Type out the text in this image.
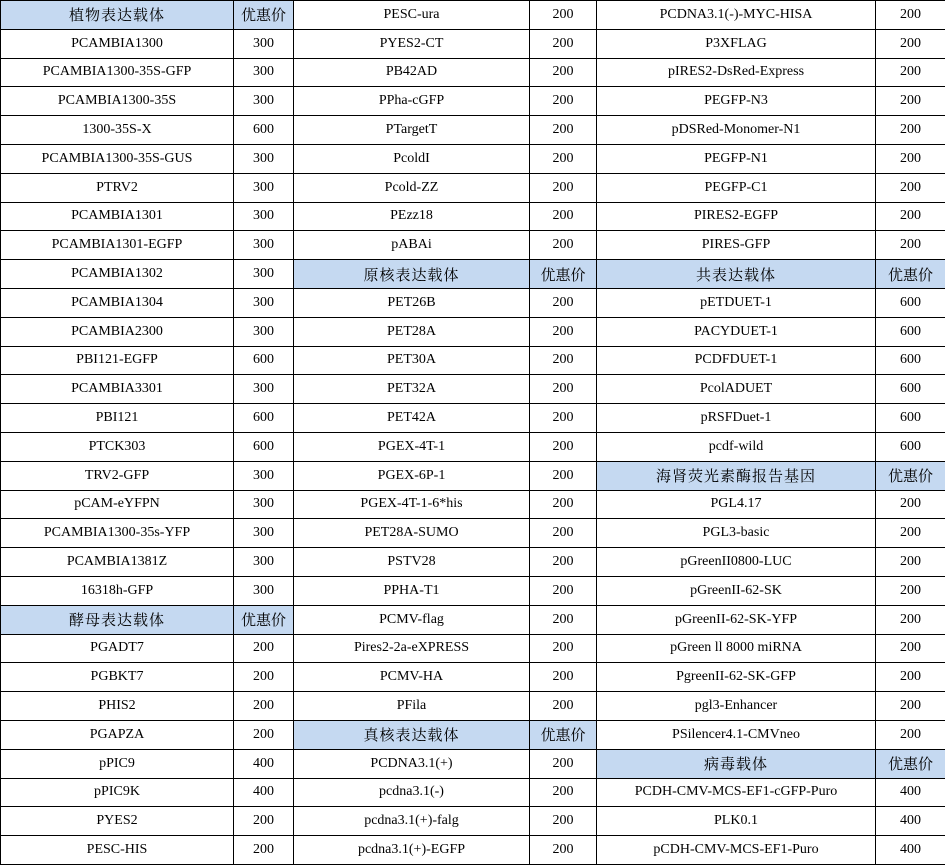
植物表达载体	优惠价	PESC-ura	200	PCDNA3.1(-)-MYC-HISA	200
PCAMBIA1300	300	PYES2-CT	200	P3XFLAG	200
PCAMBIA1300-35S-GFP	300	PB42AD	200	pIRES2-DsRed-Express	200
PCAMBIA1300-35S	300	PPha-cGFP	200	PEGFP-N3	200
1300-35S-X	600	PTargetT	200	pDSRed-Monomer-N1	200
PCAMBIA1300-35S-GUS	300	PcoldI	200	PEGFP-N1	200
PTRV2	300	Pcold-ZZ	200	PEGFP-C1	200
PCAMBIA1301	300	PEzz18	200	PIRES2-EGFP	200
PCAMBIA1301-EGFP	300	pABAi	200	PIRES-GFP	200
PCAMBIA1302	300	原核表达载体	优惠价	共表达载体	优惠价
PCAMBIA1304	300	PET26B	200	pETDUET-1	600
PCAMBIA2300	300	PET28A	200	PACYDUET-1	600
PBI121-EGFP	600	PET30A	200	PCDFDUET-1	600
PCAMBIA3301	300	PET32A	200	PcolADUET	600
PBI121	600	PET42A	200	pRSFDuet-1	600
PTCK303	600	PGEX-4T-1	200	pcdf-wild	600
TRV2-GFP	300	PGEX-6P-1	200	海肾荧光素酶报告基因	优惠价
pCAM-eYFPN	300	PGEX-4T-1-6*his	200	PGL4.17	200
PCAMBIA1300-35s-YFP	300	PET28A-SUMO	200	PGL3-basic	200
PCAMBIA1381Z	300	PSTV28	200	pGreenII0800-LUC	200
16318h-GFP	300	PPHA-T1	200	pGreenII-62-SK	200
酵母表达载体	优惠价	PCMV-flag	200	pGreenII-62-SK-YFP	200
PGADT7	200	Pires2-2a-eXPRESS	200	pGreen ll 8000 miRNA	200
PGBKT7	200	PCMV-HA	200	PgreenII-62-SK-GFP	200
PHIS2	200	PFila	200	pgl3-Enhancer	200
PGAPZA	200	真核表达载体	优惠价	PSilencer4.1-CMVneo	200
pPIC9	400	PCDNA3.1(+)	200	病毒载体	优惠价
pPIC9K	400	pcdna3.1(-)	200	PCDH-CMV-MCS-EF1-cGFP-Puro	400
PYES2	200	pcdna3.1(+)-falg	200	PLK0.1	400
PESC-HIS	200	pcdna3.1(+)-EGFP	200	pCDH-CMV-MCS-EF1-Puro	400
